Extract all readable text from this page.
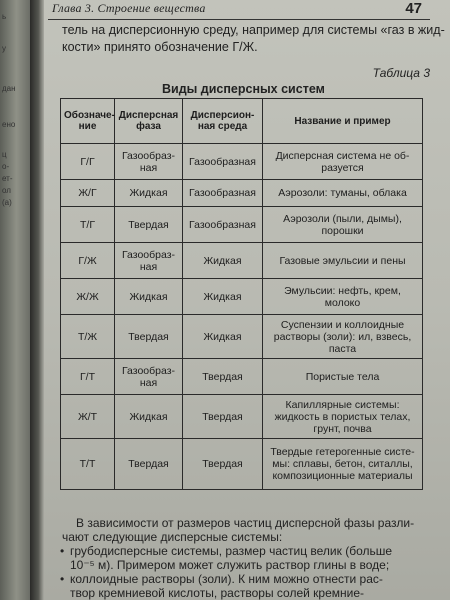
ь
у
дан
ено
ц
о-
ет-
ол
(а)
Глава 3. Строение вещества	47
тель на дисперсионную среду, например для системы «газ в жид-
кости» принято обозначение Г/Ж.
Таблица 3
Виды дисперсных систем
Обозначе- ние	Дисперсная фаза	Дисперсион- ная среда	Название и пример
Г/Г	Газообраз- ная	Газообразная	Дисперсная система не об- разуется
Ж/Г	Жидкая	Газообразная	Аэрозоли: туманы, облака
Т/Г	Твердая	Газообразная	Аэрозоли (пыли, дымы), порошки
Г/Ж	Газообраз- ная	Жидкая	Газовые эмульсии и пены
Ж/Ж	Жидкая	Жидкая	Эмульсии: нефть, крем, молоко
Т/Ж	Твердая	Жидкая	Суспензии и коллоидные растворы (золи): ил, взвесь, паста
Г/Т	Газообраз- ная	Твердая	Пористые тела
Ж/Т	Жидкая	Твердая	Капиллярные системы: жидкость в пористых телах, грунт, почва
Т/Т	Твердая	Твердая	Твердые гетерогенные систе- мы: сплавы, бетон, ситаллы, композиционные материалы
В зависимости от размеров частиц дисперсной фазы разли-
чают следующие дисперсные системы:
• грубодисперсные системы, размер частиц велик (больше
10⁻⁵ м). Примером может служить раствор глины в воде;
• коллоидные растворы (золи). К ним можно отнести рас-
твор кремниевой кислоты, растворы солей кремние-
